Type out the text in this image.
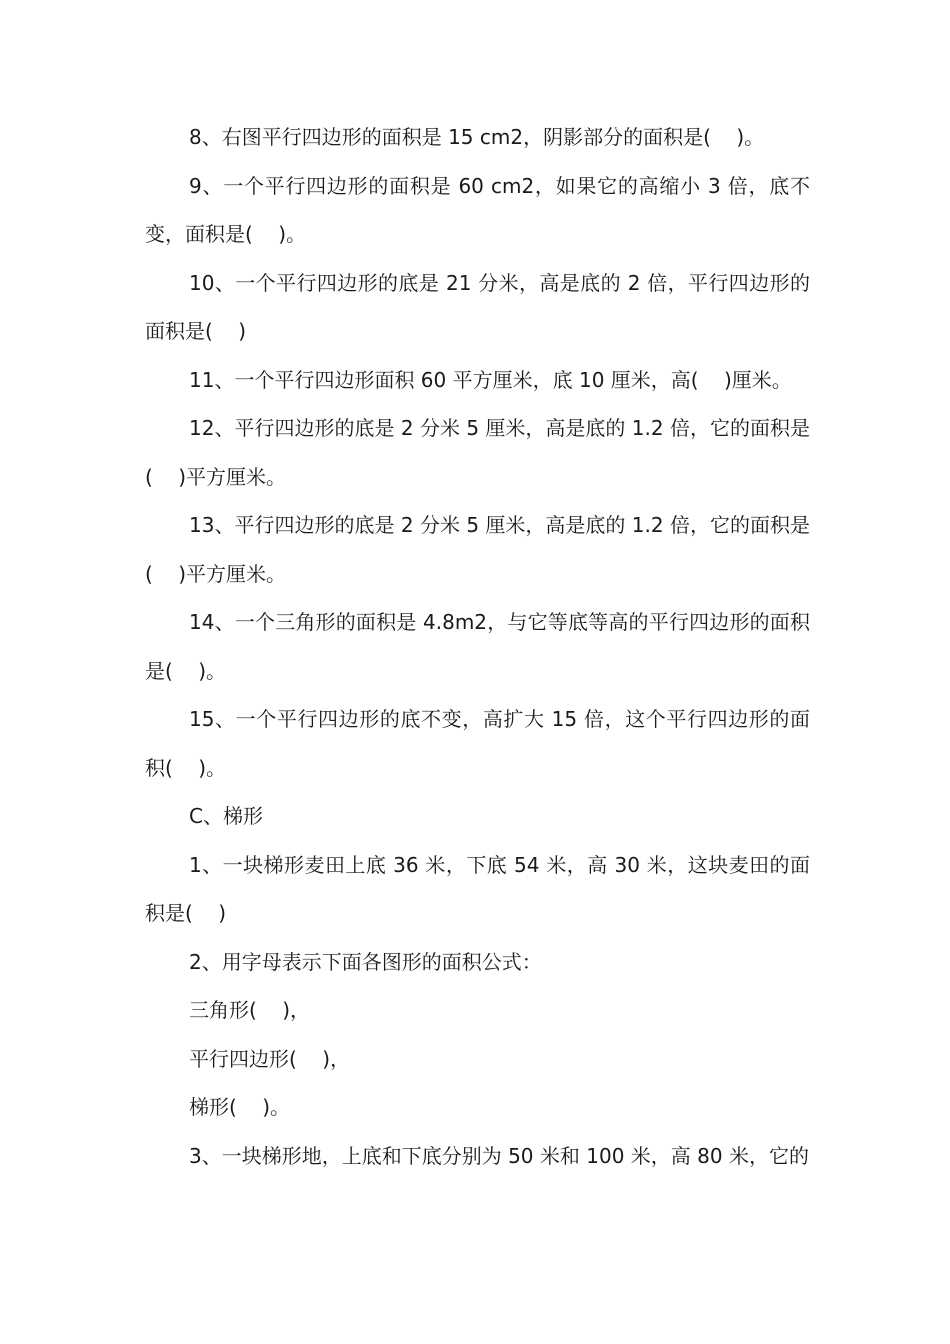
8、右图平行四边形的面积是 15 cm2，阴影部分的面积是(    )。

9、一个平行四边形的面积是 60 cm2，如果它的高缩小 3 倍，底不变，面积是(    )。

10、一个平行四边形的底是 21 分米，高是底的 2 倍，平行四边形的面积是(    )

11、一个平行四边形面积 60 平方厘米，底 10 厘米，高(    )厘米。

12、平行四边形的底是 2 分米 5 厘米，高是底的 1.2 倍，它的面积是(    )平方厘米。

13、平行四边形的底是 2 分米 5 厘米，高是底的 1.2 倍，它的面积是(    )平方厘米。

14、一个三角形的面积是 4.8m2，与它等底等高的平行四边形的面积是(    )。

15、一个平行四边形的底不变，高扩大 15 倍，这个平行四边形的面积(    )。

C、梯形

1、一块梯形麦田上底 36 米，下底 54 米，高 30 米，这块麦田的面积是(    )

2、用字母表示下面各图形的面积公式：

三角形(    )，

平行四边形(    )，

梯形(    )。

3、一块梯形地，上底和下底分别为 50 米和 100 米，高 80 米，它的
